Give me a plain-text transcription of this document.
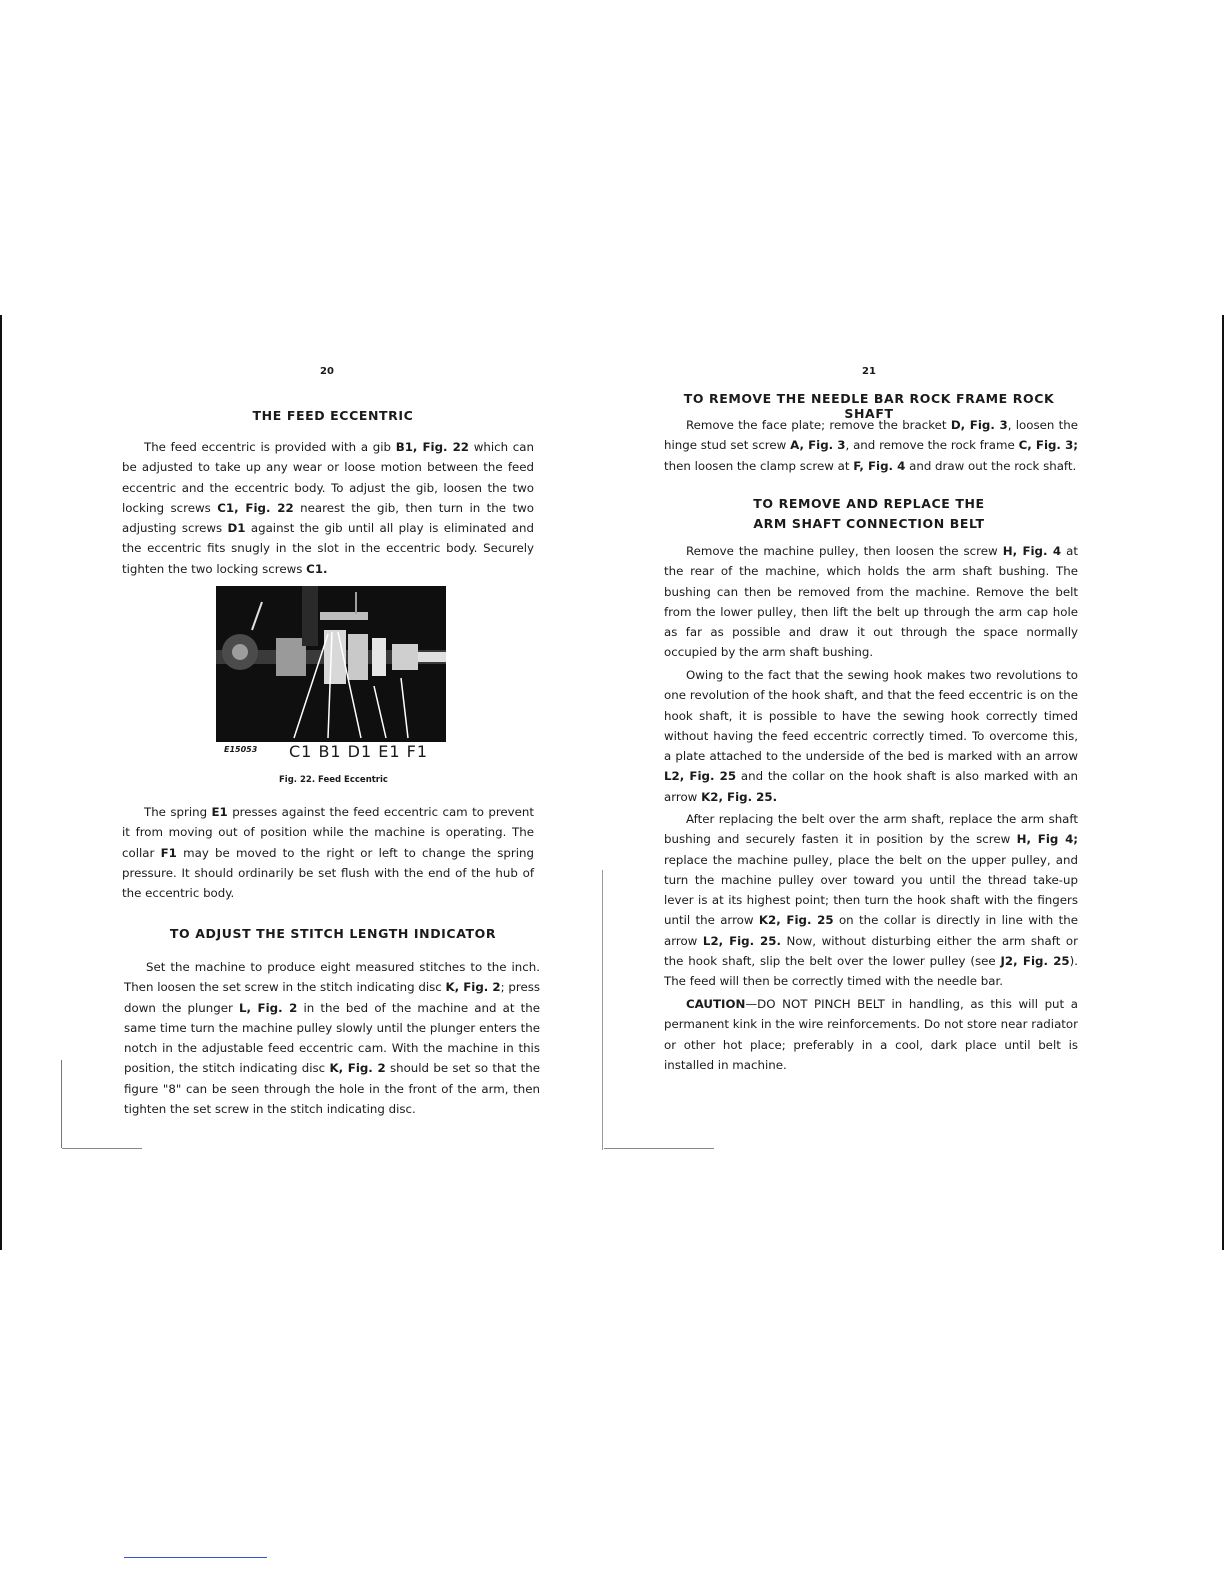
20
THE FEED ECCENTRIC

The feed eccentric is provided with a gib B1, Fig. 22 which can be adjusted to take up any wear or loose motion between the feed eccentric and the eccentric body. To adjust the gib, loosen the two locking screws C1, Fig. 22 nearest the gib, then turn in the two adjusting screws D1 against the gib until all play is eliminated and the eccentric fits snugly in the slot in the eccentric body. Securely tighten the two locking screws C1.

E15053 C1 B1 D1 E1 F1
Fig. 22. Feed Eccentric

The spring E1 presses against the feed eccentric cam to prevent it from moving out of position while the machine is operating. The collar F1 may be moved to the right or left to change the spring pressure. It should ordinarily be set flush with the end of the hub of the eccentric body.

TO ADJUST THE STITCH LENGTH INDICATOR

Set the machine to produce eight measured stitches to the inch. Then loosen the set screw in the stitch indicating disc K, Fig. 2; press down the plunger L, Fig. 2 in the bed of the machine and at the same time turn the machine pulley slowly until the plunger enters the notch in the adjustable feed eccentric cam. With the machine in this position, the stitch indicating disc K, Fig. 2 should be set so that the figure "8" can be seen through the hole in the front of the arm, then tighten the set screw in the stitch indicating disc.

21
TO REMOVE THE NEEDLE BAR ROCK FRAME ROCK SHAFT

Remove the face plate; remove the bracket D, Fig. 3, loosen the hinge stud set screw A, Fig. 3, and remove the rock frame C, Fig. 3; then loosen the clamp screw at F, Fig. 4 and draw out the rock shaft.

TO REMOVE AND REPLACE THE
ARM SHAFT CONNECTION BELT

Remove the machine pulley, then loosen the screw H, Fig. 4 at the rear of the machine, which holds the arm shaft bushing. The bushing can then be removed from the machine. Remove the belt from the lower pulley, then lift the belt up through the arm cap hole as far as possible and draw it out through the space normally occupied by the arm shaft bushing.

Owing to the fact that the sewing hook makes two revolutions to one revolution of the hook shaft, and that the feed eccentric is on the hook shaft, it is possible to have the sewing hook correctly timed without having the feed eccentric correctly timed. To overcome this, a plate attached to the underside of the bed is marked with an arrow L2, Fig. 25 and the collar on the hook shaft is also marked with an arrow K2, Fig. 25.

After replacing the belt over the arm shaft, replace the arm shaft bushing and securely fasten it in position by the screw H, Fig 4; replace the machine pulley, place the belt on the upper pulley, and turn the machine pulley over toward you until the thread take-up lever is at its highest point; then turn the hook shaft with the fingers until the arrow K2, Fig. 25 on the collar is directly in line with the arrow L2, Fig. 25. Now, without disturbing either the arm shaft or the hook shaft, slip the belt over the lower pulley (see J2, Fig. 25). The feed will then be correctly timed with the needle bar.

CAUTION—DO NOT PINCH BELT in handling, as this will put a permanent kink in the wire reinforcements. Do not store near radiator or other hot place; preferably in a cool, dark place until belt is installed in machine.
